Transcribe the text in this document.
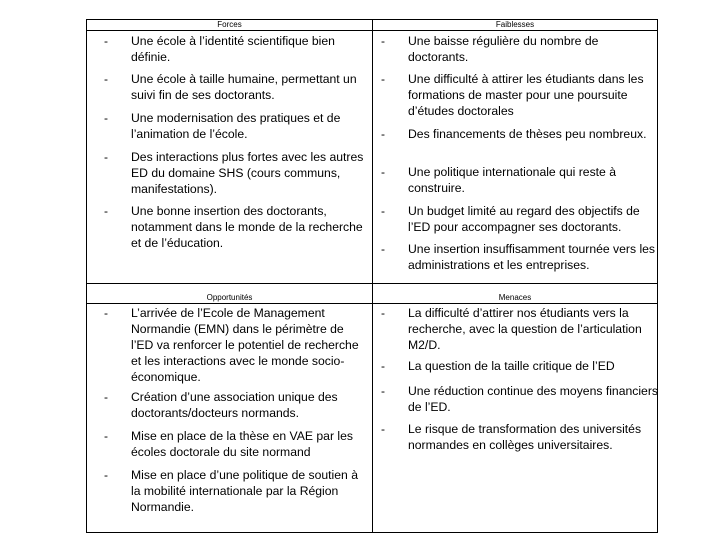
Forces	Faiblesses
Opportunités	Menaces
- Une école à l’identité scientifique bien définie.
- Une école à taille humaine, permettant un suivi fin de ses doctorants.
- Une modernisation des pratiques et de l’animation de l’école.
- Des interactions plus fortes avec les autres ED du domaine SHS (cours communs, manifestations).
- Une bonne insertion des doctorants, notamment dans le monde de la recherche et de l’éducation.
- Une baisse régulière du nombre de doctorants.
- Une difficulté à attirer les étudiants dans les formations de master pour une poursuite d’études doctorales
- Des financements de thèses peu nombreux.
- Une politique internationale qui reste à construire.
- Un budget limité au regard des objectifs de l’ED pour accompagner ses doctorants.
- Une insertion insuffisamment tournée vers les administrations et les entreprises.
- L’arrivée de l’Ecole de Management Normandie (EMN) dans le périmètre de l’ED va renforcer le potentiel de recherche et les interactions avec le monde socio-économique.
- Création d’une association unique des doctorants/docteurs normands.
- Mise en place de la thèse en VAE par les écoles doctorale du site normand
- Mise en place d’une politique de soutien à la mobilité internationale par la Région Normandie.
- La difficulté d’attirer nos étudiants vers la recherche, avec la question de l’articulation M2/D.
- La question de la taille critique de l’ED
- Une réduction continue des moyens financiers de l’ED.
- Le risque de transformation des universités normandes en collèges universitaires.
